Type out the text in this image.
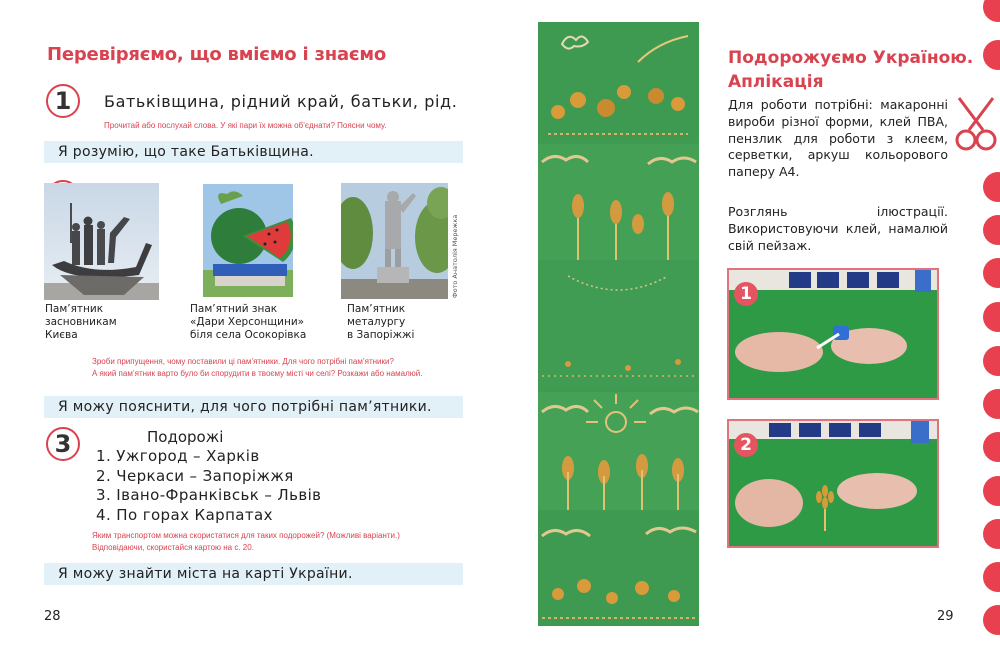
Перевіряємо, що вміємо і знаємо
1	Батьківщина, рідний край, батьки, рід.
Прочитай або послухай слова. У які пари їх можна об’єднати? Поясни чому.
Я розумію, що таке Батьківщина.
Фото Анатолія Мережка
Пам’ятник
засновникам
Києва
Пам’ятний знак
«Дари Херсонщини»
біля села Осокорівка
Пам’ятник
металургу
в Запоріжжі
Зроби припущення, чому поставили ці пам’ятники. Для чого потрібні пам’ятники?
А який пам’ятник варто було би спорудити в твоєму місті чи селі? Розкажи або намалюй.
Я можу пояснити, для чого потрібні пам’ятники.
3	Подорожі
1. Ужгород – Харків
2. Черкаси – Запоріжжя
3. Івано-Франківськ – Львів
4. По горах Карпатах
Яким транспортом можна скористатися для таких подорожей? (Можливі варіанти.)
Відповідаючи, скористайся картою на с. 20.
Я можу знайти міста на карті України.
28
Подорожуємо Україною.
Аплікація
Для роботи потрібні: макаронні вироби різної форми, клей ПВА, пензлик для роботи з клеєм, серветки, аркуш кольорового паперу А4.
Розглянь ілюстрації. Використовуючи клей, намалюй свій пейзаж.
1
2
29
